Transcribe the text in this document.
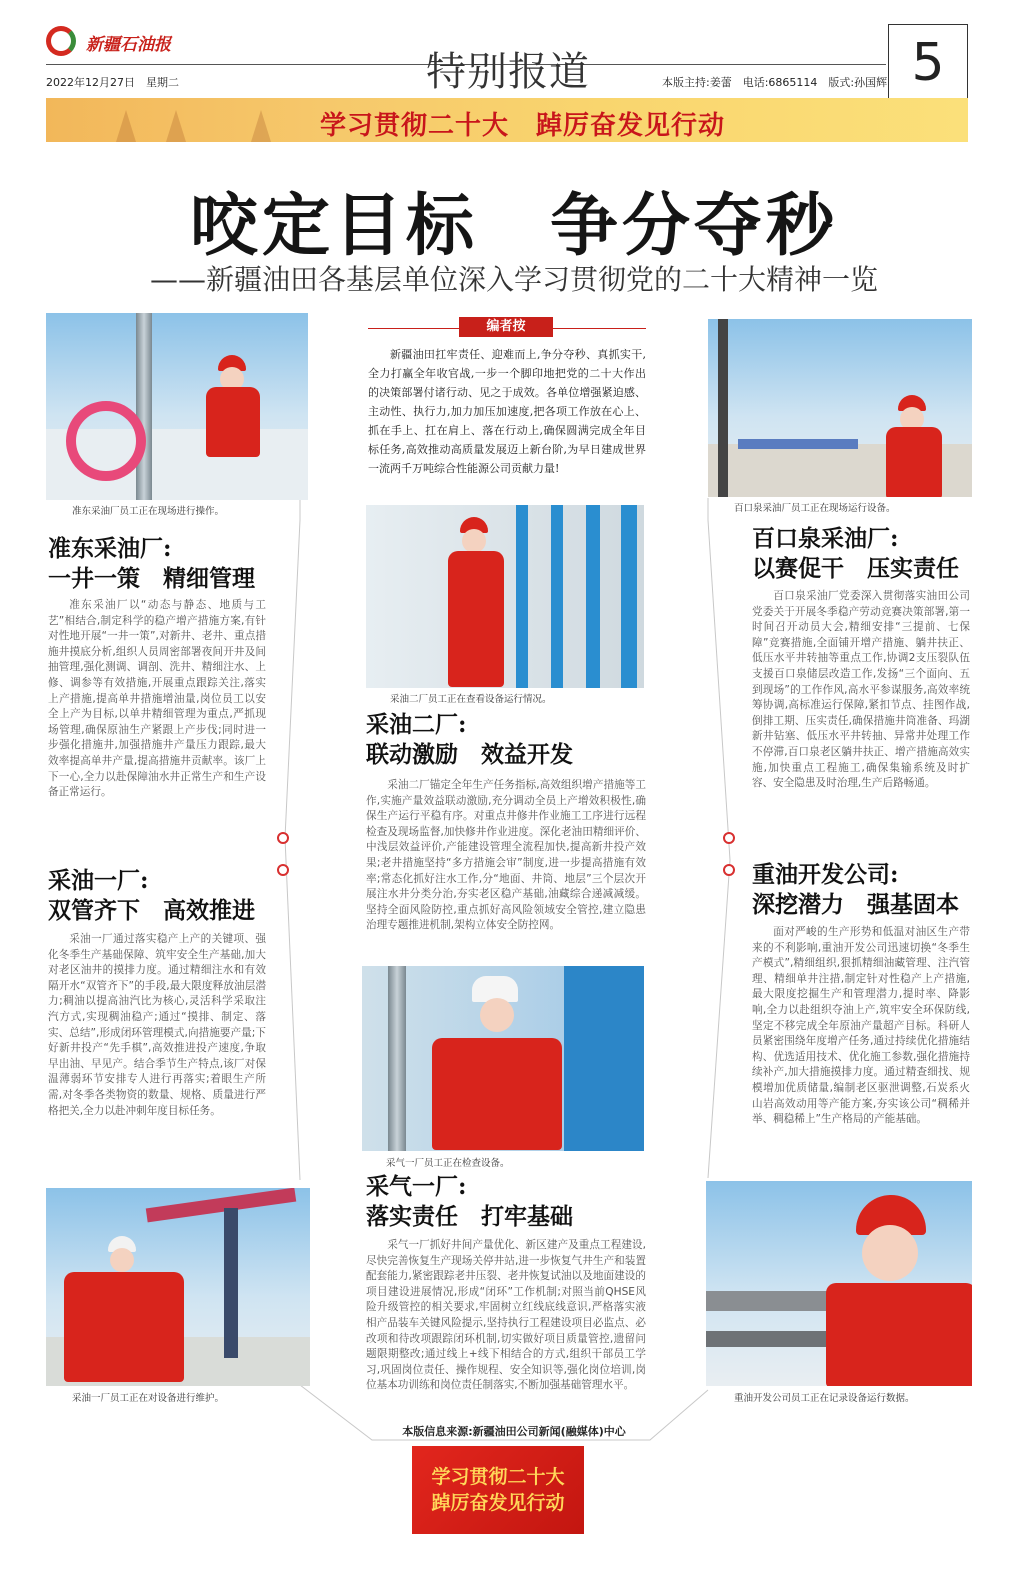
新疆石油报
2022年12月27日　星期二	特别报道	本版主持:姜蕾　电话:6865114　版式:孙国辉 5
学习贯彻二十大　踔厉奋发见行动
咬定目标　争分夺秒
——新疆油田各基层单位深入学习贯彻党的二十大精神一览
编者按
新疆油田扛牢责任、迎难而上,争分夺秒、真抓实干,全力打赢全年收官战,一步一个脚印地把党的二十大作出的决策部署付诸行动、见之于成效。各单位增强紧迫感、主动性、执行力,加力加压加速度,把各项工作放在心上、抓在手上、扛在肩上、落在行动上,确保圆满完成全年目标任务,高效推动高质量发展迈上新台阶,为早日建成世界一流两千万吨综合性能源公司贡献力量!
准东采油厂员工正在现场进行操作。
准东采油厂:
一井一策　精细管理
准东采油厂以“动态与静态、地质与工艺”相结合,制定科学的稳产增产措施方案,有针对性地开展“一井一策”,对新井、老井、重点措施井摸底分析,组织人员周密部署夜间开井及间抽管理,强化测调、调剖、洗井、精细注水、上修、调参等有效措施,开展重点跟踪关注,落实上产措施,提高单井措施增油量,岗位员工以安全上产为目标,以单井精细管理为重点,严抓现场管理,确保原油生产紧跟上产步伐;同时进一步强化措施井,加强措施井产量压力跟踪,最大效率提高单井产量,提高措施井贡献率。该厂上下一心,全力以赴保障油水井正常生产和生产设备正常运行。
采油一厂:
双管齐下　高效推进
采油一厂通过落实稳产上产的关键项、强化冬季生产基础保障、筑牢安全生产基础,加大对老区油井的摸排力度。通过精细注水和有效隔开水“双管齐下”的手段,最大限度释放油层潜力;稠油以提高油汽比为核心,灵活科学采取注汽方式,实现稠油稳产;通过“摸排、制定、落实、总结”,形成闭环管理模式,向措施要产量;下好新井投产“先手棋”,高效推进投产速度,争取早出油、早见产。结合季节生产特点,该厂对保温薄弱环节安排专人进行再落实;着眼生产所需,对冬季各类物资的数量、规格、质量进行严格把关,全力以赴冲刺年度目标任务。
采油一厂员工正在对设备进行维护。
采油二厂员工正在查看设备运行情况。
采油二厂:
联动激励　效益开发
采油二厂锚定全年生产任务指标,高效组织增产措施等工作,实施产量效益联动激励,充分调动全员上产增效积极性,确保生产运行平稳有序。对重点井修井作业施工工序进行远程检查及现场监督,加快修井作业进度。深化老油田精细评价、中浅层效益评价,产能建设管理全流程加快,提高新井投产效果;老井措施坚持“多方措施会审”制度,进一步提高措施有效率;常态化抓好注水工作,分“地面、井筒、地层”三个层次开展注水井分类分治,夯实老区稳产基础,油藏综合递减减缓。坚持全面风险防控,重点抓好高风险领域安全管控,建立隐患治理专题推进机制,架构立体安全防控网。
采气一厂员工正在检查设备。
采气一厂:
落实责任　打牢基础
采气一厂抓好井间产量优化、新区建产及重点工程建设,尽快完善恢复生产现场关停井站,进一步恢复气井生产和装置配套能力,紧密跟踪老井压裂、老井恢复试油以及地面建设的项目建设进展情况,形成“闭环”工作机制;对照当前QHSE风险升级管控的相关要求,牢固树立红线底线意识,严格落实液相产品装车关键风险提示,坚持执行工程建设项目必监点、必改项和待改项跟踪闭环机制,切实做好项目质量管控,遗留问题限期整改;通过线上+线下相结合的方式,组织干部员工学习,巩固岗位责任、操作规程、安全知识等,强化岗位培训,岗位基本功训练和岗位责任制落实,不断加强基础管理水平。
百口泉采油厂员工正在现场运行设备。
百口泉采油厂:
以赛促干　压实责任
百口泉采油厂党委深入贯彻落实油田公司党委关于开展冬季稳产劳动竞赛决策部署,第一时间召开动员大会,精细安排“三提前、七保障”竞赛措施,全面铺开增产措施、躺井扶正、低压水平井转抽等重点工作,协调2支压裂队伍支援百口泉储层改造工作,发扬“三个面向、五到现场”的工作作风,高水平参谋服务,高效率统筹协调,高标准运行保障,紧扣节点、挂图作战,倒排工期、压实责任,确保措施井筒准备、玛湖新井钻塞、低压水平井转抽、异常井处理工作不停滞,百口泉老区躺井扶正、增产措施高效实施,加快重点工程施工,确保集输系统及时扩容、安全隐患及时治理,生产后路畅通。
重油开发公司:
深挖潜力　强基固本
面对严峻的生产形势和低温对油区生产带来的不利影响,重油开发公司迅速切换“冬季生产模式”,精细组织,狠抓精细油藏管理、注汽管理、精细单井注措,制定针对性稳产上产措施,最大限度挖掘生产和管理潜力,提时率、降影响,全力以赴组织夺油上产,筑牢安全环保防线,坚定不移完成全年原油产量超产目标。科研人员紧密围绕年度增产任务,通过持续优化措施结构、优选适用技术、优化施工参数,强化措施持续补产,加大措施摸排力度。通过精查细找、规模增加优质储量,编制老区驱泄调整,石炭系火山岩高效动用等产能方案,夯实该公司“稠稀并举、稠稳稀上”生产格局的产能基础。
重油开发公司员工正在记录设备运行数据。
本版信息来源:新疆油田公司新闻(融媒体)中心
学习贯彻二十大
踔厉奋发见行动
